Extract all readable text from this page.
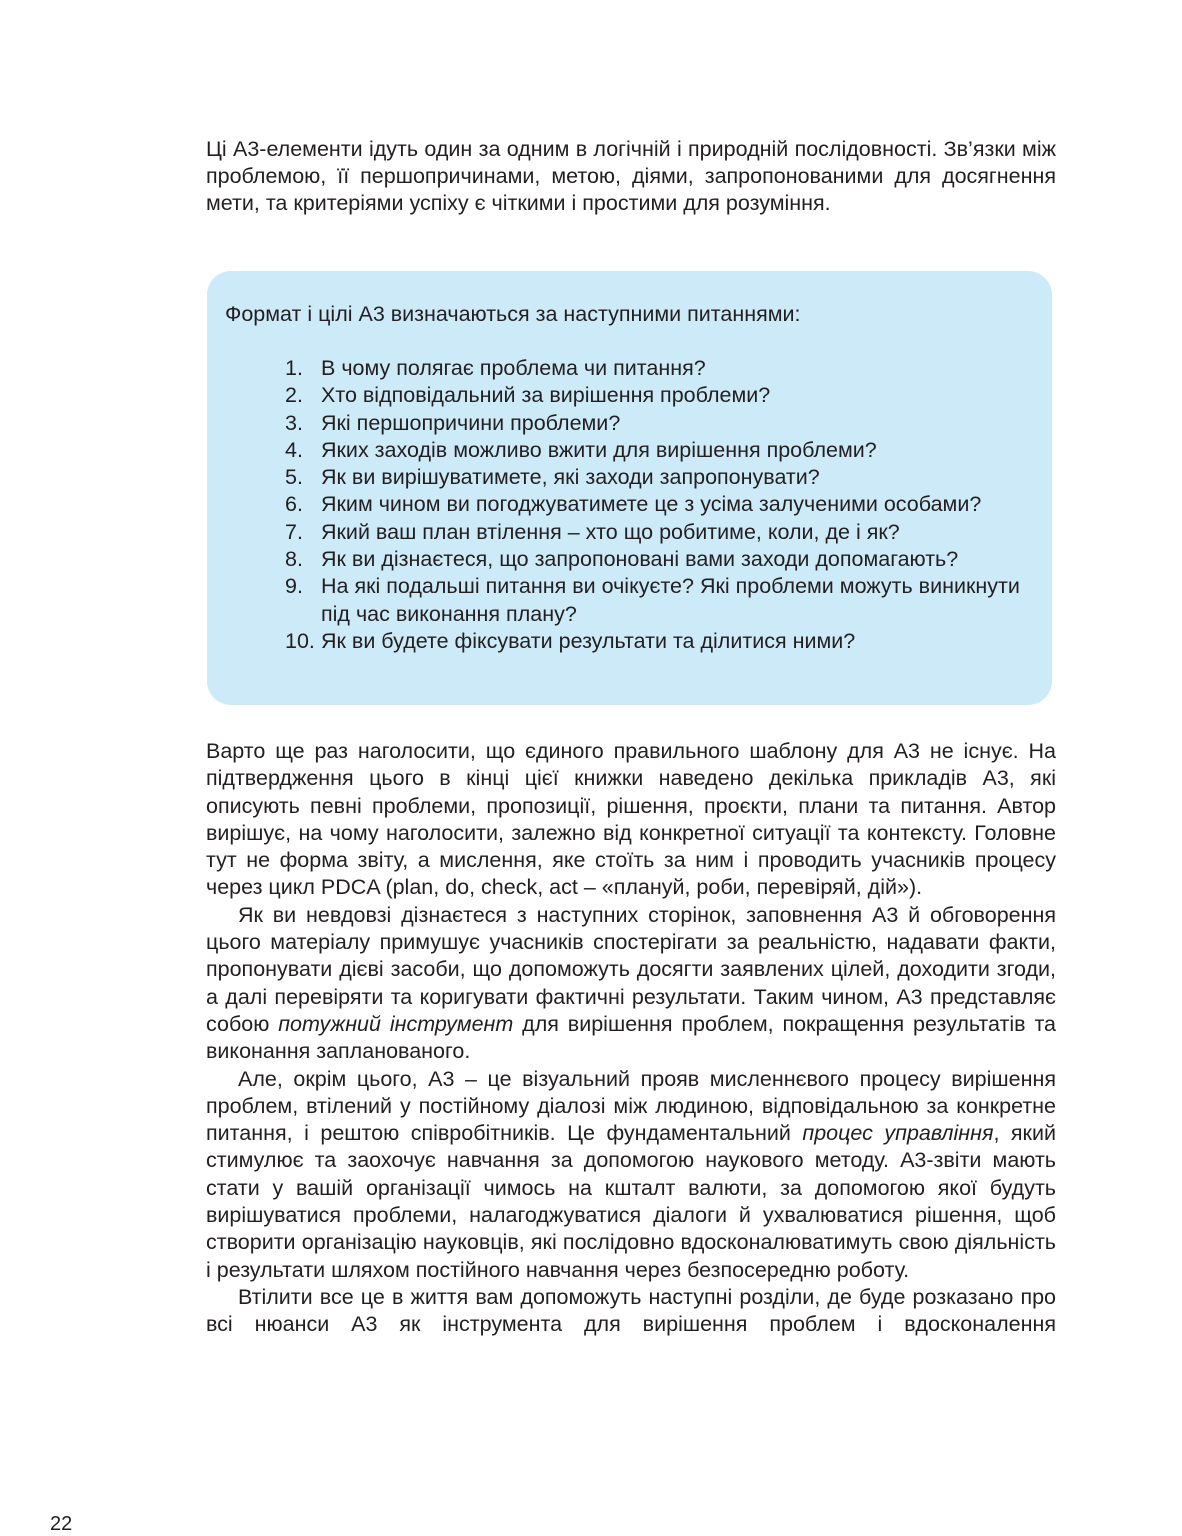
Ці А3-елементи ідуть один за одним в логічній і природній послідовності. Зв’язки між проблемою, її першопричинами, метою, діями, запропонованими для досягнення мети, та критеріями успіху є чіткими і простими для розуміння.

Формат і цілі А3 визначаються за наступними питаннями:

1. В чому полягає проблема чи питання?
2. Хто відповідальний за вирішення проблеми?
3. Які першопричини проблеми?
4. Яких заходів можливо вжити для вирішення проблеми?
5. Як ви вирішуватимете, які заходи запропонувати?
6. Яким чином ви погоджуватимете це з усіма залученими особами?
7. Який ваш план втілення – хто що робитиме, коли, де і як?
8. Як ви дізнаєтеся, що запропоновані вами заходи допомагають?
9. На які подальші питання ви очікуєте? Які проблеми можуть виникнути під час виконання плану?
10. Як ви будете фіксувати результати та ділитися ними?

Варто ще раз наголосити, що єдиного правильного шаблону для А3 не існує. На підтвердження цього в кінці цієї книжки наведено декілька прикладів А3, які описують певні проблеми, пропозиції, рішення, проєкти, плани та питання. Автор вирішує, на чому наголосити, залежно від конкретної ситуації та контексту. Головне тут не форма звіту, а мислення, яке стоїть за ним і проводить учасників процесу через цикл PDCA (plan, do, check, act – «плануй, роби, перевіряй, дій»).

Як ви невдовзі дізнаєтеся з наступних сторінок, заповнення А3 й обговорення цього матеріалу примушує учасників спостерігати за реальністю, надавати факти, пропонувати дієві засоби, що допоможуть досягти заявлених цілей, доходити згоди, а далі перевіряти та коригувати фактичні результати. Таким чином, А3 представляє собою потужний інструмент для вирішення проблем, покращення результатів та виконання запланованого.

Але, окрім цього, А3 – це візуальний прояв мисленнєвого процесу вирішення проблем, втілений у постійному діалозі між людиною, відповідальною за конкретне питання, і рештою співробітників. Це фундаментальний процес управління, який стимулює та заохочує навчання за допомогою наукового методу. А3-звіти мають стати у вашій організації чимось на кшталт валюти, за допомогою якої будуть вирішуватися проблеми, налагоджуватися діалоги й ухвалюватися рішення, щоб створити організацію науковців, які послідовно вдосконалюватимуть свою діяльність і результати шляхом постійного навчання через безпосередню роботу.

Втілити все це в життя вам допоможуть наступні розділи, де буде розказано про всі нюанси А3 як інструмента для вирішення проблем і вдосконалення

22
